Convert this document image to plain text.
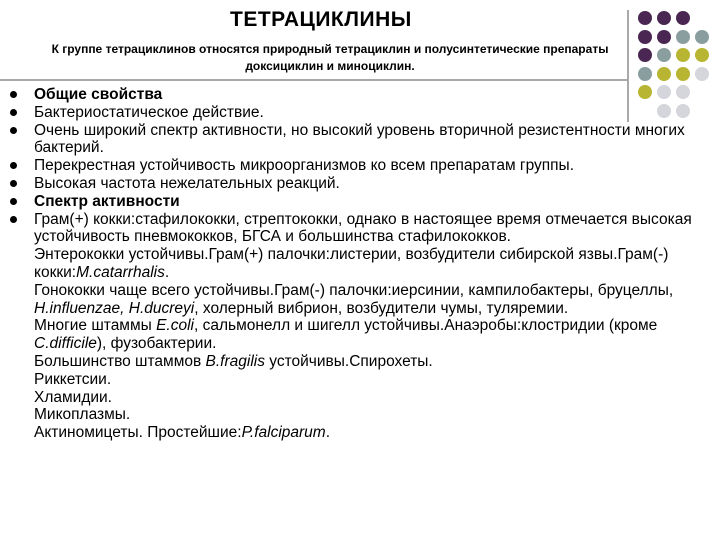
ТЕТРАЦИКЛИНЫ
К группе тетрациклинов относятся природный тетрациклин и полусинтетические препараты доксициклин и миноциклин.
Общие свойства
Бактериостатическое действие.
Очень широкий спектр активности, но высокий уровень вторичной резистентности многих бактерий.
Перекрестная устойчивость микроорганизмов ко всем препаратам группы.
Высокая частота нежелательных реакций.
Спектр активности
Грам(+) кокки:стафилококки, стрептококки, однако в настоящее время отмечается высокая устойчивость пневмококков, БГСА и большинства стафилококков.
Энтерококки устойчивы.Грам(+) палочки:листерии, возбудители сибирской язвы.Грам(-) кокки:M.catarrhalis.
Гонококки чаще всего устойчивы.Грам(-) палочки:иерсинии, кампилобактеры, бруцеллы, H.influenzae, H.ducreyi, холерный вибрион, возбудители чумы, туляремии.
Многие штаммы E.coli, сальмонелл и шигелл устойчивы.Анаэробы:клостридии (кроме C.difficile), фузобактерии.
Большинство штаммов B.fragilis устойчивы.Спирохеты.
Риккетсии.
Хламидии.
Микоплазмы.
Актиномицеты. Простейшие:P.falciparum.
